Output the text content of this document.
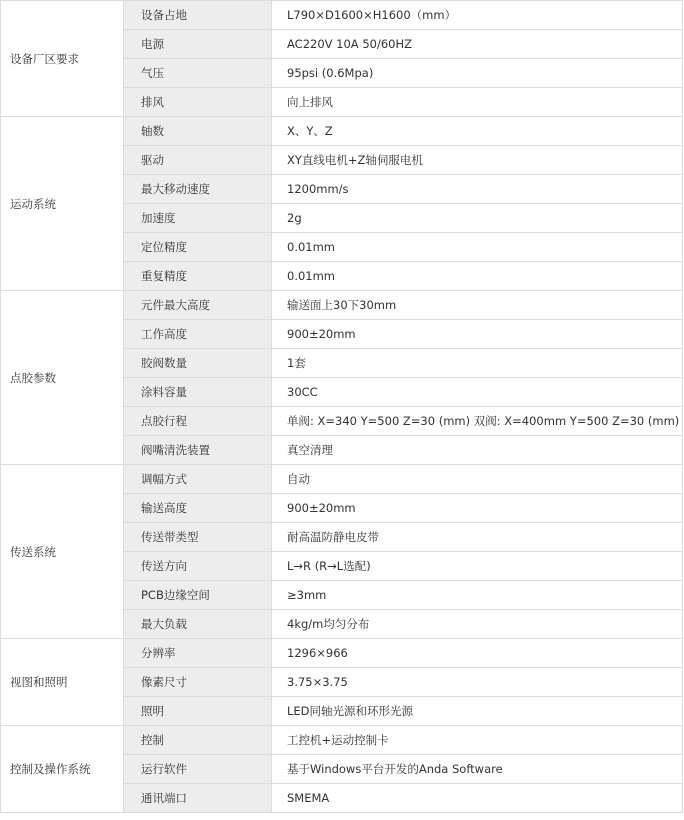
设备厂区要求	设备占地	L790×D1600×H1600（mm）
	电源	AC220V 10A 50/60HZ
	气压	95psi (0.6Mpa)
	排风	向上排风
运动系统	轴数	X、Y、Z
	驱动	XY直线电机+Z轴伺服电机
	最大移动速度	1200mm/s
	加速度	2g
	定位精度	0.01mm
	重复精度	0.01mm
点胶参数	元件最大高度	输送面上30下30mm
	工作高度	900±20mm
	胶阀数量	1套
	涂料容量	30CC
	点胶行程	单阀: X=340 Y=500 Z=30 (mm) 双阀: X=400mm Y=500 Z=30 (mm)
	阀嘴清洗装置	真空清理
传送系统	调幅方式	自动
	输送高度	900±20mm
	传送带类型	耐高温防静电皮带
	传送方向	L→R (R→L选配)
	PCB边缘空间	≥3mm
	最大负载	4kg/m均匀分布
视图和照明	分辨率	1296×966
	像素尺寸	3.75×3.75
	照明	LED同轴光源和环形光源
控制及操作系统	控制	工控机+运动控制卡
	运行软件	基于Windows平台开发的Anda Software
	通讯端口	SMEMA
